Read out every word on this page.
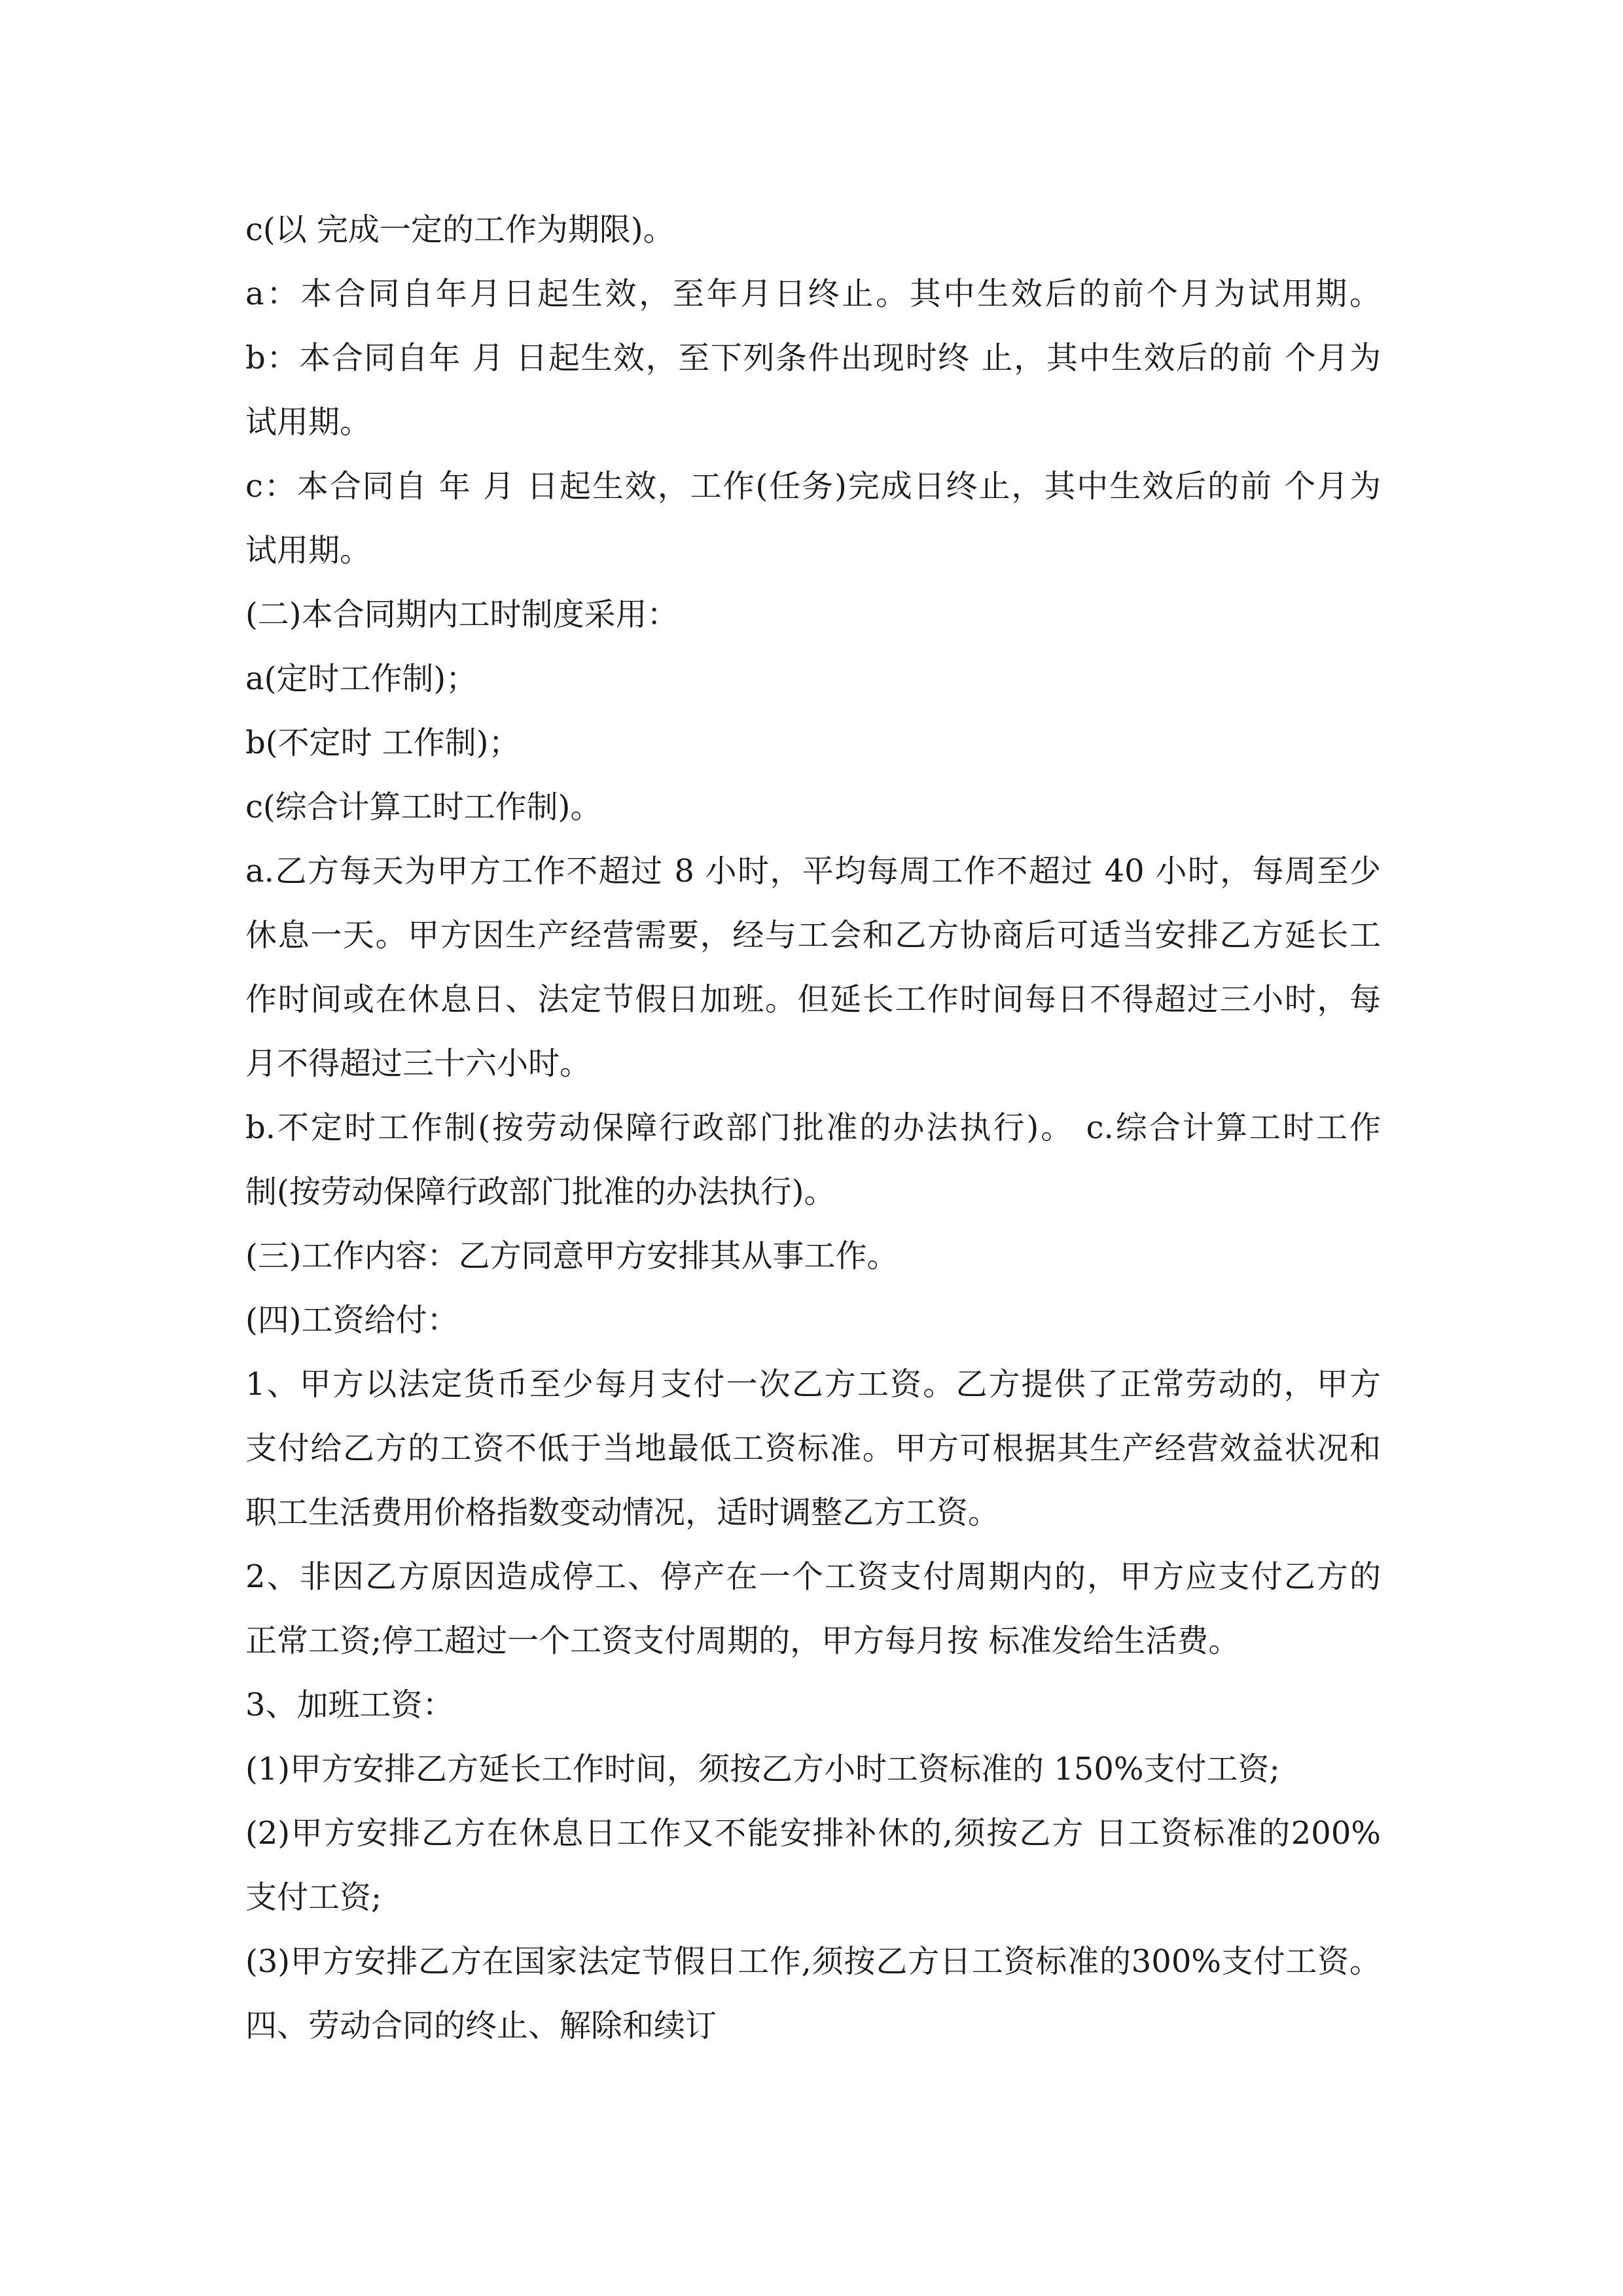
c(以 完成一定的工作为期限)。
a：本合同自年月日起生效，至年月日终止。其中生效后的前个月为试用期。
b：本合同自年 月 日起生效，至下列条件出现时终 止，其中生效后的前 个月为
试用期。
c：本合同自 年 月 日起生效，工作(任务)完成日终止，其中生效后的前 个月为
试用期。
(二)本合同期内工时制度采用：
a(定时工作制)；
b(不定时 工作制)；
c(综合计算工时工作制)。
a.乙方每天为甲方工作不超过 8 小时，平均每周工作不超过 40 小时，每周至少
休息一天。甲方因生产经营需要，经与工会和乙方协商后可适当安排乙方延长工
作时间或在休息日、法定节假日加班。但延长工作时间每日不得超过三小时，每
月不得超过三十六小时。
b.不定时工作制(按劳动保障行政部门批准的办法执行)。 c.综合计算工时工作
制(按劳动保障行政部门批准的办法执行)。
(三)工作内容：乙方同意甲方安排其从事工作。
(四)工资给付：
1、甲方以法定货币至少每月支付一次乙方工资。乙方提供了正常劳动的，甲方
支付给乙方的工资不低于当地最低工资标准。甲方可根据其生产经营效益状况和
职工生活费用价格指数变动情况，适时调整乙方工资。
2、非因乙方原因造成停工、停产在一个工资支付周期内的，甲方应支付乙方的
正常工资;停工超过一个工资支付周期的，甲方每月按 标准发给生活费。
3、加班工资：
(1)甲方安排乙方延长工作时间，须按乙方小时工资标准的 150%支付工资;
(2)甲方安排乙方在休息日工作又不能安排补休的,须按乙方 日工资标准的200%
支付工资;
(3)甲方安排乙方在国家法定节假日工作,须按乙方日工资标准的300%支付工资。
四、劳动合同的终止、解除和续订
